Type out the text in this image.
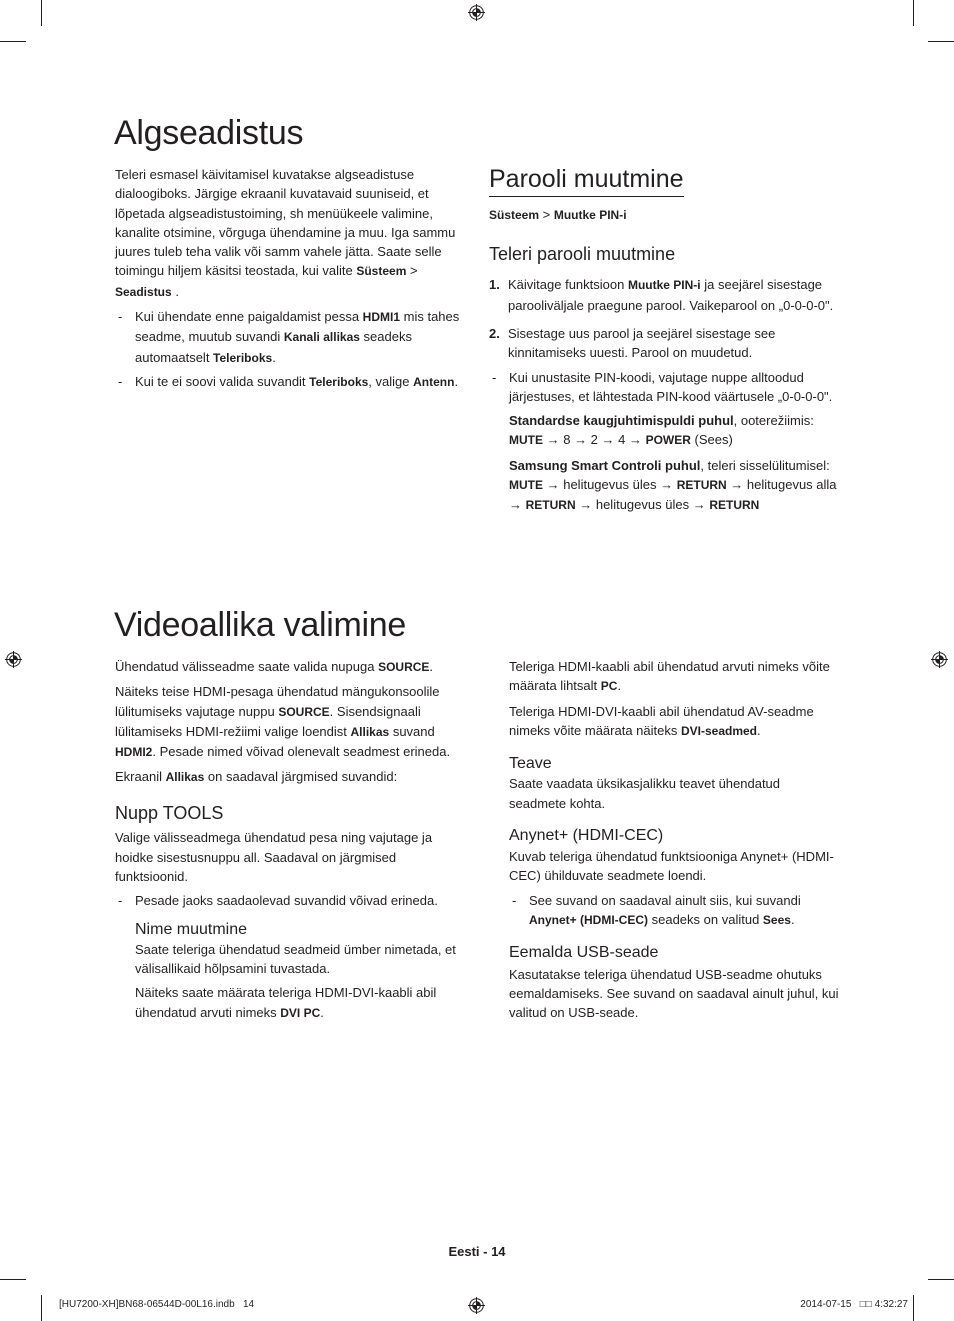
Algseadistus

Teleri esmasel käivitamisel kuvatakse algseadistuse dialoogiboks. Järgige ekraanil kuvatavaid suuniseid, et lõpetada algseadistustoiming, sh menüükeele valimine, kanalite otsimine, võrguga ühendamine ja muu. Iga sammu juures tuleb teha valik või samm vahele jätta. Saate selle toimingu hiljem käsitsi teostada, kui valite Süsteem > Seadistus .

- Kui ühendate enne paigaldamist pessa HDMI1 mis tahes seadme, muutub suvandi Kanali allikas seadeks automaatselt Teleriboks.

- Kui te ei soovi valida suvandit Teleriboks, valige Antenn.

Parooli muutmine

Süsteem > Muutke PIN-i

Teleri parooli muutmine

1. Käivitage funktsioon Muutke PIN-i ja seejärel sisestage parooliväljale praegune parool. Vaikeparool on „0-0-0-0".

2. Sisestage uus parool ja seejärel sisestage see kinnitamiseks uuesti. Parool on muudetud.

- Kui unustasite PIN-koodi, vajutage nuppe alltoodud järjestuses, et lähtestada PIN-kood väärtusele „0-0-0-0".

Standardse kaugjuhtimispuldi puhul, ooterežiimis:
MUTE → 8 → 2 → 4 → POWER (Sees)

Samsung Smart Controli puhul, teleri sisselülitumisel:
MUTE → helitugevus üles → RETURN → helitugevus alla
→ RETURN → helitugevus üles → RETURN

Videoallika valimine

Ühendatud välisseadme saate valida nupuga SOURCE.

Näiteks teise HDMI-pesaga ühendatud mängukonsoolile lülitumiseks vajutage nuppu SOURCE. Sisendsignaali lülitamiseks HDMI-režiimi valige loendist Allikas suvand HDMI2. Pesade nimed võivad olenevalt seadmest erineda.

Ekraanil Allikas on saadaval järgmised suvandid:

Nupp TOOLS

Valige välisseadmega ühendatud pesa ning vajutage ja hoidke sisestusnuppu all. Saadaval on järgmised funktsioonid.

- Pesade jaoks saadaolevad suvandid võivad erineda.

Nime muutmine

Saate teleriga ühendatud seadmeid ümber nimetada, et välisallikaid hõlpsamini tuvastada.

Näiteks saate määrata teleriga HDMI-DVI-kaabli abil ühendatud arvuti nimeks DVI PC.

Teleriga HDMI-kaabli abil ühendatud arvuti nimeks võite määrata lihtsalt PC.

Teleriga HDMI-DVI-kaabli abil ühendatud AV-seadme nimeks võite määrata näiteks DVI-seadmed.

Teave

Saate vaadata üksikasjalikku teavet ühendatud seadmete kohta.

Anynet+ (HDMI-CEC)

Kuvab teleriga ühendatud funktsiooniga Anynet+ (HDMI-CEC) ühilduvate seadmete loendi.

- See suvand on saadaval ainult siis, kui suvandi Anynet+ (HDMI-CEC) seadeks on valitud Sees.

Eemalda USB-seade

Kasutatakse teleriga ühendatud USB-seadme ohutuks eemaldamiseks. See suvand on saadaval ainult juhul, kui valitud on USB-seade.

Eesti - 14
[HU7200-XH]BN68-06544D-00L16.indb   14	2014-07-15   □□ 4:32:27
